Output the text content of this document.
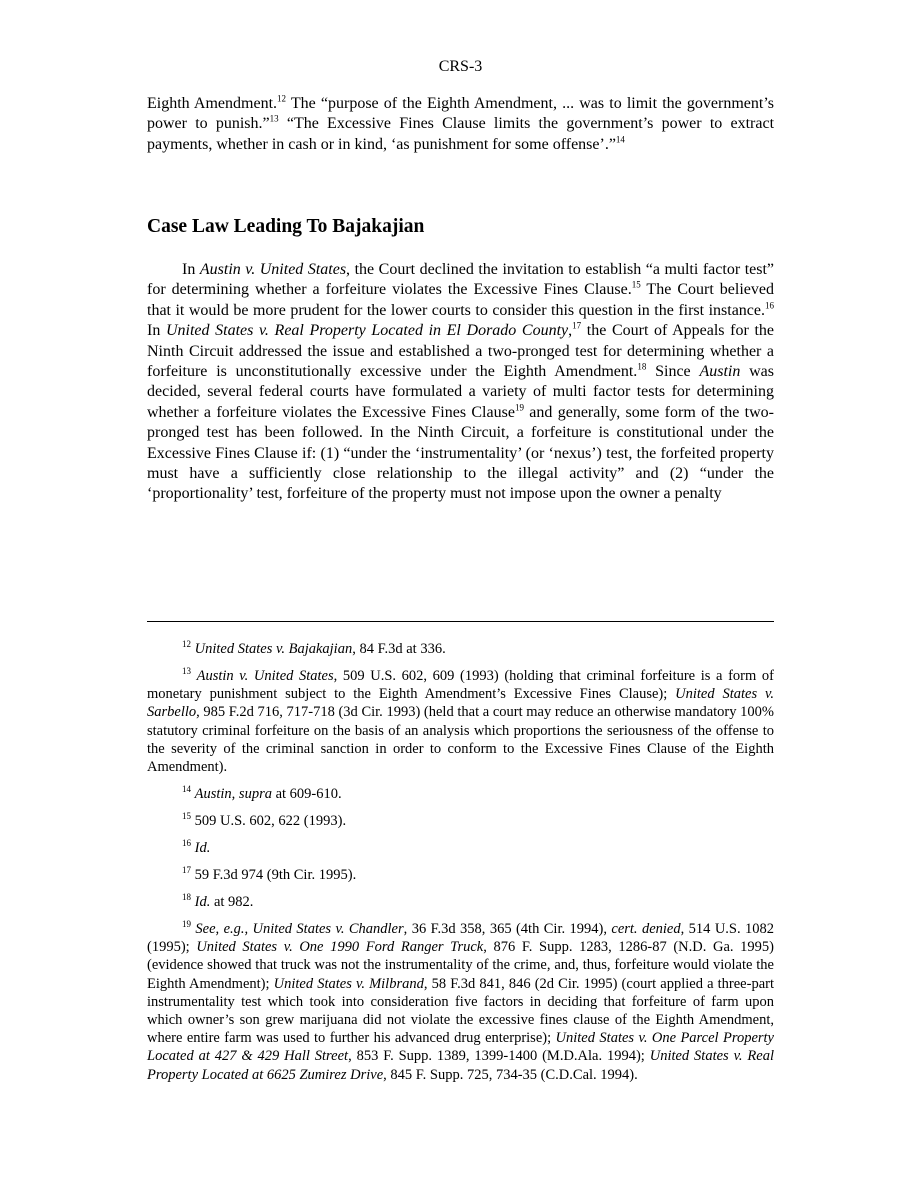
CRS-3

Eighth Amendment.$^{12}$ The “purpose of the Eighth Amendment, ... was to limit the government’s power to punish.”$^{13}$ “The Excessive Fines Clause limits the government’s power to extract payments, whether in cash or in kind, ‘as punishment for some offense’.”$^{14}$

Case Law Leading To Bajakajian

In Austin v. United States, the Court declined the invitation to establish “a multi factor test” for determining whether a forfeiture violates the Excessive Fines Clause.$^{15}$ The Court believed that it would be more prudent for the lower courts to consider this question in the first instance.$^{16}$ In United States v. Real Property Located in El Dorado County,$^{17}$ the Court of Appeals for the Ninth Circuit addressed the issue and established a two-pronged test for determining whether a forfeiture is unconstitutionally excessive under the Eighth Amendment.$^{18}$ Since Austin was decided, several federal courts have formulated a variety of multi factor tests for determining whether a forfeiture violates the Excessive Fines Clause$^{19}$ and generally, some form of the two-pronged test has been followed. In the Ninth Circuit, a forfeiture is constitutional under the Excessive Fines Clause if: (1) “under the ‘instrumentality’ (or ‘nexus’) test, the forfeited property must have a sufficiently close relationship to the illegal activity” and (2) “under the ‘proportionality’ test, forfeiture of the property must not impose upon the owner a penalty

$^{12}$ United States v. Bajakajian, 84 F.3d at 336.

$^{13}$ Austin v. United States, 509 U.S. 602, 609 (1993) (holding that criminal forfeiture is a form of monetary punishment subject to the Eighth Amendment’s Excessive Fines Clause); United States v. Sarbello, 985 F.2d 716, 717-718 (3d Cir. 1993) (held that a court may reduce an otherwise mandatory 100% statutory criminal forfeiture on the basis of an analysis which proportions the seriousness of the offense to the severity of the criminal sanction in order to conform to the Excessive Fines Clause of the Eighth Amendment).

$^{14}$ Austin, supra at 609-610.

$^{15}$ 509 U.S. 602, 622 (1993).

$^{16}$ Id.

$^{17}$ 59 F.3d 974 (9th Cir. 1995).

$^{18}$ Id. at 982.

$^{19}$ See, e.g., United States v. Chandler, 36 F.3d 358, 365 (4th Cir. 1994), cert. denied, 514 U.S. 1082 (1995); United States v. One 1990 Ford Ranger Truck, 876 F. Supp. 1283, 1286-87 (N.D. Ga. 1995) (evidence showed that truck was not the instrumentality of the crime, and, thus, forfeiture would violate the Eighth Amendment); United States v. Milbrand, 58 F.3d 841, 846 (2d Cir. 1995) (court applied a three-part instrumentality test which took into consideration five factors in deciding that forfeiture of farm upon which owner’s son grew marijuana did not violate the excessive fines clause of the Eighth Amendment, where entire farm was used to further his advanced drug enterprise); United States v. One Parcel Property Located at 427 & 429 Hall Street, 853 F. Supp. 1389, 1399-1400 (M.D.Ala. 1994); United States v. Real Property Located at 6625 Zumirez Drive, 845 F. Supp. 725, 734-35 (C.D.Cal. 1994).
